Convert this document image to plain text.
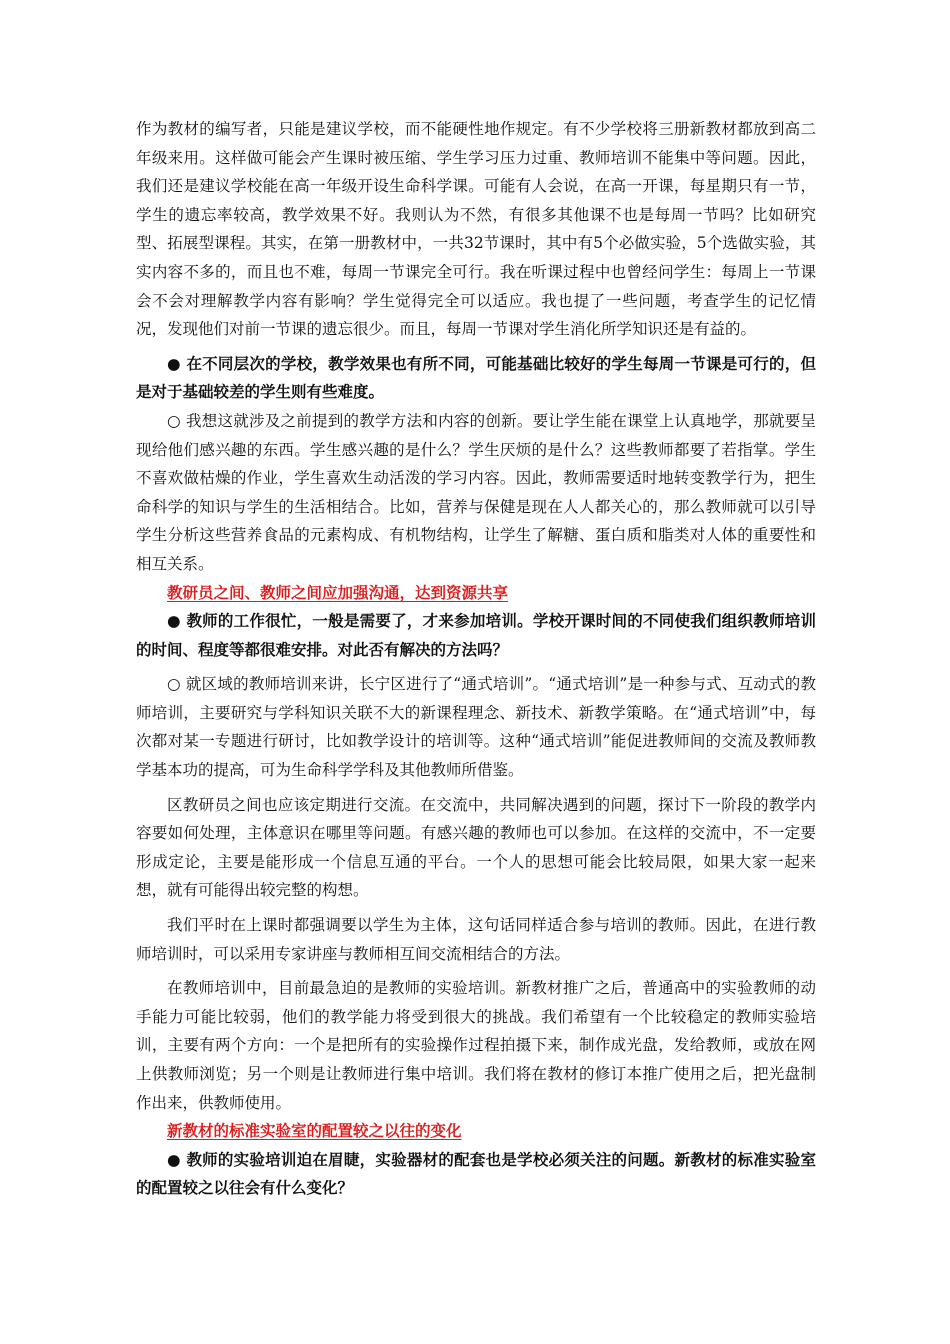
作为教材的编写者，只能是建议学校，而不能硬性地作规定。有不少学校将三册新教材都放到高二年级来用。这样做可能会产生课时被压缩、学生学习压力过重、教师培训不能集中等问题。因此，我们还是建议学校能在高一年级开设生命科学课。可能有人会说，在高一开课，每星期只有一节，学生的遗忘率较高，教学效果不好。我则认为不然，有很多其他课不也是每周一节吗？比如研究型、拓展型课程。其实，在第一册教材中，一共32节课时，其中有5个必做实验，5个选做实验，其实内容不多的，而且也不难，每周一节课完全可行。我在听课过程中也曾经问学生：每周上一节课会不会对理解教学内容有影响？学生觉得完全可以适应。我也提了一些问题，考查学生的记忆情况，发现他们对前一节课的遗忘很少。而且，每周一节课对学生消化所学知识还是有益的。

● 在不同层次的学校，教学效果也有所不同，可能基础比较好的学生每周一节课是可行的，但是对于基础较差的学生则有些难度。

○ 我想这就涉及之前提到的教学方法和内容的创新。要让学生能在课堂上认真地学，那就要呈现给他们感兴趣的东西。学生感兴趣的是什么？学生厌烦的是什么？这些教师都要了若指掌。学生不喜欢做枯燥的作业，学生喜欢生动活泼的学习内容。因此，教师需要适时地转变教学行为，把生命科学的知识与学生的生活相结合。比如，营养与保健是现在人人都关心的，那么教师就可以引导学生分析这些营养食品的元素构成、有机物结构，让学生了解糖、蛋白质和脂类对人体的重要性和相互关系。

教研员之间、教师之间应加强沟通，达到资源共享

● 教师的工作很忙，一般是需要了，才来参加培训。学校开课时间的不同使我们组织教师培训的时间、程度等都很难安排。对此否有解决的方法吗？

○ 就区域的教师培训来讲，长宁区进行了“通式培训”。“通式培训”是一种参与式、互动式的教师培训，主要研究与学科知识关联不大的新课程理念、新技术、新教学策略。在“通式培训”中，每次都对某一专题进行研讨，比如教学设计的培训等。这种“通式培训”能促进教师间的交流及教师教学基本功的提高，可为生命科学学科及其他教师所借鉴。

区教研员之间也应该定期进行交流。在交流中，共同解决遇到的问题，探讨下一阶段的教学内容要如何处理，主体意识在哪里等问题。有感兴趣的教师也可以参加。在这样的交流中，不一定要形成定论，主要是能形成一个信息互通的平台。一个人的思想可能会比较局限，如果大家一起来想，就有可能得出较完整的构想。

我们平时在上课时都强调要以学生为主体，这句话同样适合参与培训的教师。因此，在进行教师培训时，可以采用专家讲座与教师相互间交流相结合的方法。

在教师培训中，目前最急迫的是教师的实验培训。新教材推广之后，普通高中的实验教师的动手能力可能比较弱，他们的教学能力将受到很大的挑战。我们希望有一个比较稳定的教师实验培训，主要有两个方向：一个是把所有的实验操作过程拍摄下来，制作成光盘，发给教师，或放在网上供教师浏览；另一个则是让教师进行集中培训。我们将在教材的修订本推广使用之后，把光盘制作出来，供教师使用。

新教材的标准实验室的配置较之以往的变化

● 教师的实验培训迫在眉睫，实验器材的配套也是学校必须关注的问题。新教材的标准实验室的配置较之以往会有什么变化？
